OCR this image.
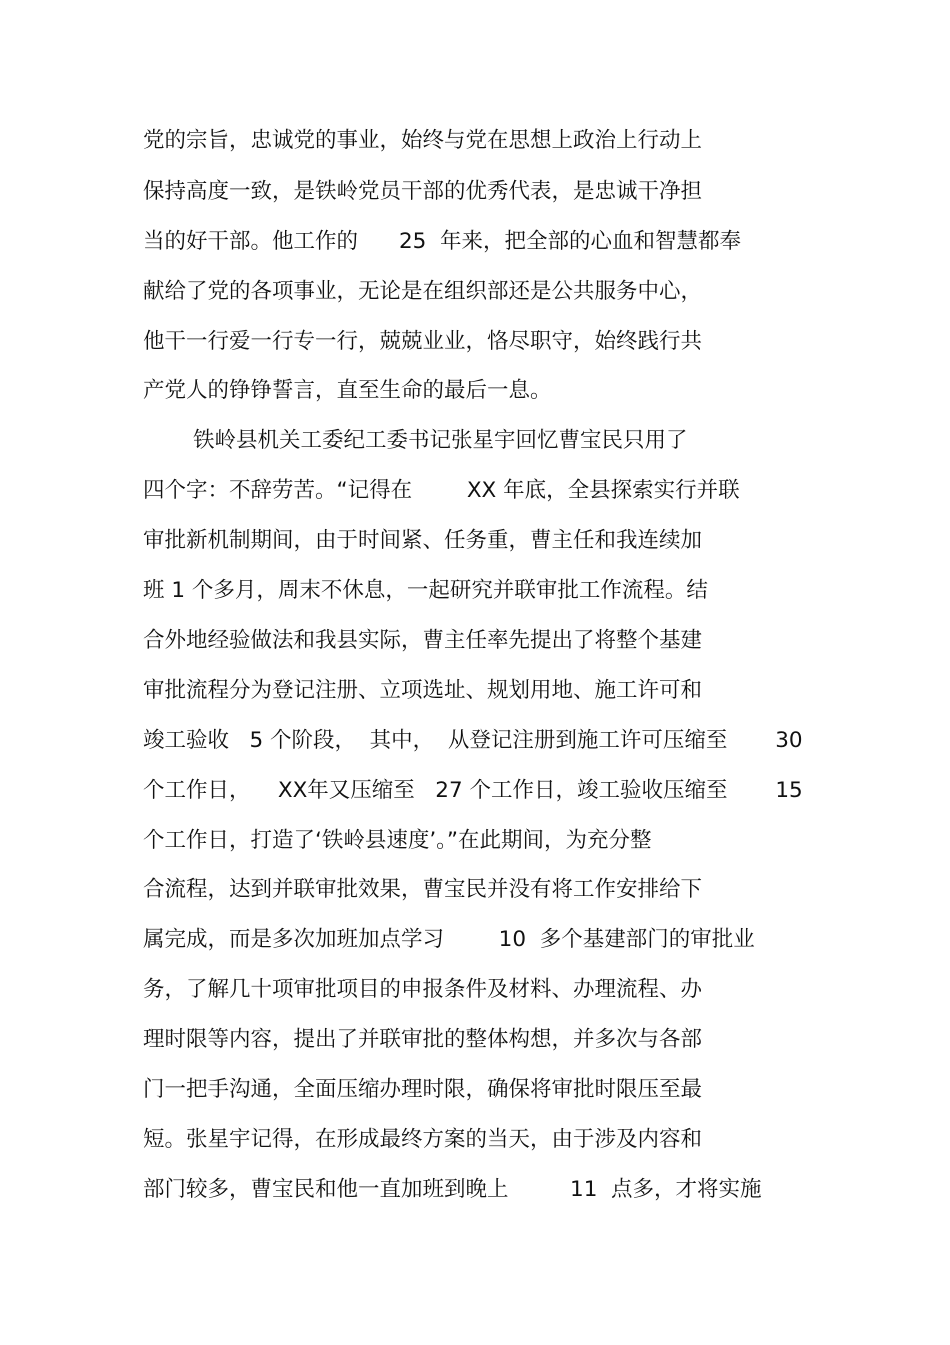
党的宗旨，忠诚党的事业，始终与党在思想上政治上行动上

保持高度一致，是铁岭党员干部的优秀代表，是忠诚干净担

当的好干部。他工作的      25  年来，把全部的心血和智慧都奉

献给了党的各项事业，无论是在组织部还是公共服务中心，

他干一行爱一行专一行，兢兢业业，恪尽职守，始终践行共

产党人的铮铮誓言，直至生命的最后一息。

铁岭县机关工委纪工委书记张星宇回忆曹宝民只用了

四个字：不辞劳苦。“记得在        XX 年底，全县探索实行并联

审批新机制期间，由于时间紧、任务重，曹主任和我连续加

班 1 个多月，周末不休息，一起研究并联审批工作流程。结

合外地经验做法和我县实际，曹主任率先提出了将整个基建

审批流程分为登记注册、立项选址、规划用地、施工许可和

竣工验收   5 个阶段，  其中，  从登记注册到施工许可压缩至       30

个工作日，    XX年又压缩至   27 个工作日，竣工验收压缩至       15

个工作日，打造了‘铁岭县速度’。”在此期间，为充分整

合流程，达到并联审批效果，曹宝民并没有将工作安排给下

属完成，而是多次加班加点学习        10  多个基建部门的审批业

务，了解几十项审批项目的申报条件及材料、办理流程、办

理时限等内容，提出了并联审批的整体构想，并多次与各部

门一把手沟通，全面压缩办理时限，确保将审批时限压至最

短。张星宇记得，在形成最终方案的当天，由于涉及内容和

部门较多，曹宝民和他一直加班到晚上         11  点多，才将实施
